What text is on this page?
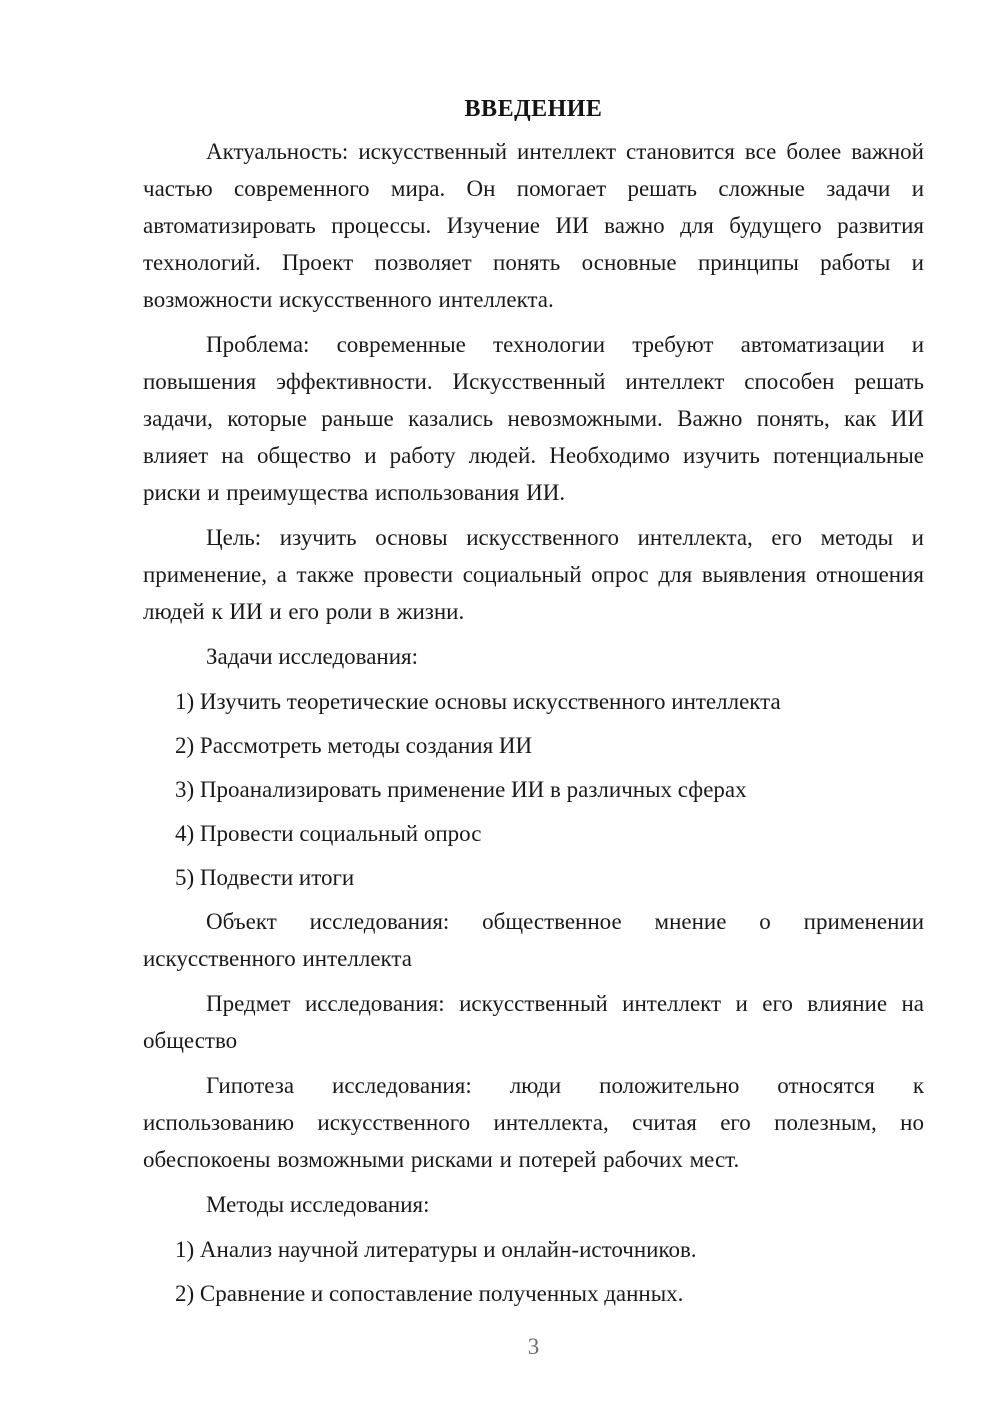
ВВЕДЕНИЕ

Актуальность: искусственный интеллект становится все более важной частью современного мира. Он помогает решать сложные задачи и автоматизировать процессы. Изучение ИИ важно для будущего развития технологий. Проект позволяет понять основные принципы работы и возможности искусственного интеллекта.

Проблема: современные технологии требуют автоматизации и повышения эффективности. Искусственный интеллект способен решать задачи, которые раньше казались невозможными. Важно понять, как ИИ влияет на общество и работу людей. Необходимо изучить потенциальные риски и преимущества использования ИИ.

Цель: изучить основы искусственного интеллекта, его методы и применение, а также провести социальный опрос для выявления отношения людей к ИИ и его роли в жизни.

Задачи исследования:

1) Изучить теоретические основы искусственного интеллекта

2) Рассмотреть методы создания ИИ

3) Проанализировать применение ИИ в различных сферах

4) Провести социальный опрос

5) Подвести итоги

Объект исследования: общественное мнение о применении искусственного интеллекта

Предмет исследования: искусственный интеллект и его влияние на общество

Гипотеза исследования: люди положительно относятся к использованию искусственного интеллекта, считая его полезным, но обеспокоены возможными рисками и потерей рабочих мест.

Методы исследования:

1) Анализ научной литературы и онлайн-источников.

2) Сравнение и сопоставление полученных данных.

3
